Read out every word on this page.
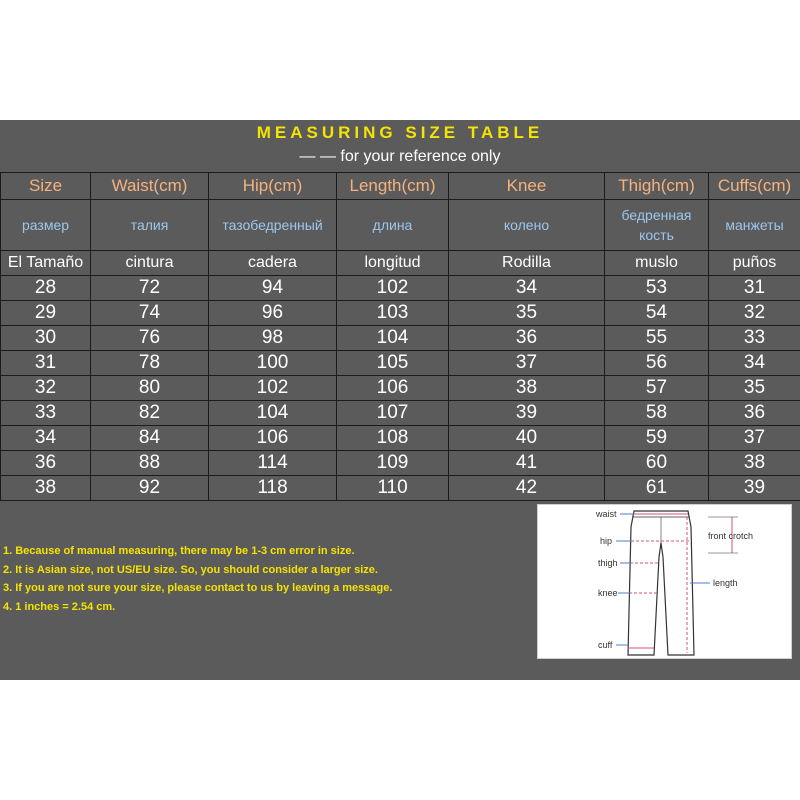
MEASURING SIZE TABLE
— — for your reference only
Size	Waist(cm)	Hip(cm)	Length(cm)	Knee	Thigh(cm)	Cuffs(cm)
размер	талия	тазобедренный	длина	колено	бедренная кость	манжеты
El Tamaño	cintura	cadera	longitud	Rodilla	muslo	puños
28	72	94	102	34	53	31
29	74	96	103	35	54	32
30	76	98	104	36	55	33
31	78	100	105	37	56	34
32	80	102	106	38	57	35
33	82	104	107	39	58	36
34	84	106	108	40	59	37
36	88	114	109	41	60	38
38	92	118	110	42	61	39
1. Because of manual measuring, there may be 1-3 cm error in size.
2. It is Asian size, not US/EU size. So, you should consider a larger size.
3. If you are not sure your size, please contact to us by leaving a message.
4. 1 inches = 2.54 cm.
waist
hip
thigh
knee
cuff
front crotch
length
